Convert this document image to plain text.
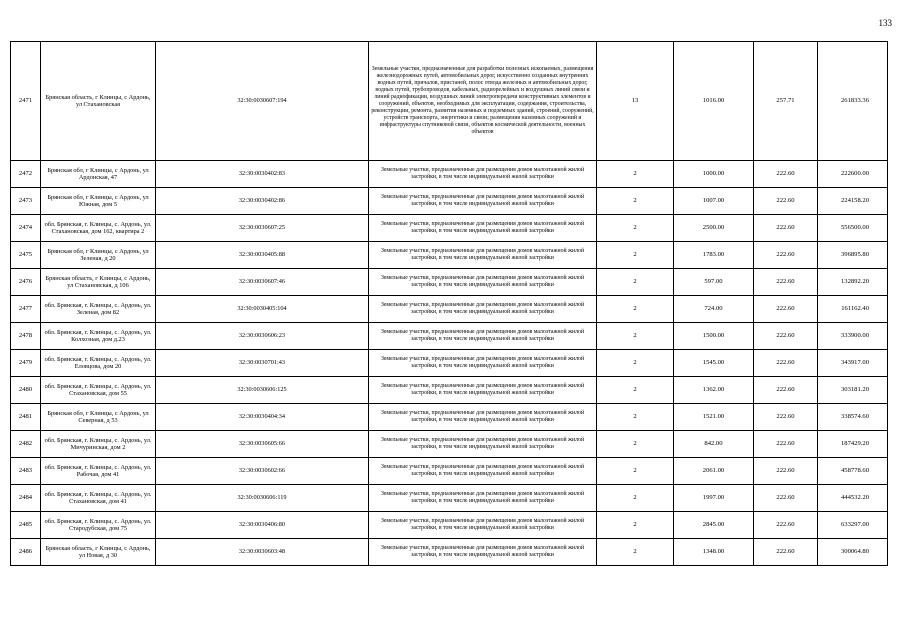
133
2471	Брянская область, г Клинцы, с Ардонь, ул Стахановская	32:30:0030607:194	Земельные участки, предназначенные для разработки полезных ископаемых, размещения железнодорожных путей, автомобильных дорог, искусственно созданных внутренних водных путей, причалов, пристаней, полос отвода железных и автомобильных дорог, водных путей, трубопроводов, кабельных, радиорелейных и воздушных линий связи и линий радиофикации, воздушных линий электропередачи конструктивных элементов и сооружений, объектов, необходимых для эксплуатации, содержания, строительства, реконструкции, ремонта, развития наземных и подземных зданий, строений, сооружений, устройств транспорта, энергетики и связи; размещения наземных сооружений и инфраструктуры спутниковой связи, объектов космической деятельности, военных объектов	13	1016.00	257.71	261833.36
2472	Брянская обл, г Клинцы, с Ардонь, ул Ардонская, 47	32:30:0030402:83	Земельные участки, предназначенные для размещения домов малоэтажной жилой застройки, в том числе индивидуальной жилой застройки	2	1000.00	222.60	222600.00
2473	Брянская обл, г Клинцы, с Ардонь, ул Южная, дом 5	32:30:0030402:86	Земельные участки, предназначенные для размещения домов малоэтажной жилой застройки, в том числе индивидуальной жилой застройки	2	1007.00	222.60	224158.20
2474	обл. Брянская, г. Клинцы, с. Ардонь, ул. Стахановская, дом 162, квартира 2	32:30:0030607:25	Земельные участки, предназначенные для размещения домов малоэтажной жилой застройки, в том числе индивидуальной жилой застройки	2	2500.00	222.60	556500.00
2475	Брянская обл, г Клинцы, с Ардонь, ул Зеленая, д 20	32:30:0030405:88	Земельные участки, предназначенные для размещения домов малоэтажной жилой застройки, в том числе индивидуальной жилой застройки	2	1783.00	222.60	396895.80
2476	Брянская область, г Клинцы, с Ардонь, ул Стахановская, д 106	32:30:0030607:46	Земельные участки, предназначенные для размещения домов малоэтажной жилой застройки, в том числе индивидуальной жилой застройки	2	597.00	222.60	132892.20
2477	обл. Брянская, г. Клинцы, с. Ардонь, ул. Зеленая, дом 82	32:30:0030405:104	Земельные участки, предназначенные для размещения домов малоэтажной жилой застройки, в том числе индивидуальной жилой застройки	2	724.00	222.60	161162.40
2478	обл. Брянская, г. Клинцы, с. Ардонь, ул. Колхозная, дом д.23	32:30:0030606:23	Земельные участки, предназначенные для размещения домов малоэтажной жилой застройки, в том числе индивидуальной жилой застройки	2	1500.00	222.60	333900.00
2479	обл. Брянская, г. Клинцы, с. Ардонь, ул. Еловцова, дом 20	32:30:0030701:43	Земельные участки, предназначенные для размещения домов малоэтажной жилой застройки, в том числе индивидуальной жилой застройки	2	1545.00	222.60	343917.00
2480	обл. Брянская, г. Клинцы, с. Ардонь, ул. Стахановская, дом 55	32:30:0030606:125	Земельные участки, предназначенные для размещения домов малоэтажной жилой застройки, в том числе индивидуальной жилой застройки	2	1362.00	222.60	303181.20
2481	Брянская обл, г Клинцы, с Ардонь, ул Северная, д 53	32:30:0030404:34	Земельные участки, предназначенные для размещения домов малоэтажной жилой застройки, в том числе индивидуальной жилой застройки	2	1521.00	222.60	338574.60
2482	обл. Брянская, г. Клинцы, с. Ардонь, ул. Мичуринская, дом 2	32:30:0030605:66	Земельные участки, предназначенные для размещения домов малоэтажной жилой застройки, в том числе индивидуальной жилой застройки	2	842.00	222.60	187429.20
2483	обл. Брянская, г. Клинцы, с. Ардонь, ул. Рабочая, дом 41	32:30:0030602:66	Земельные участки, предназначенные для размещения домов малоэтажной жилой застройки, в том числе индивидуальной жилой застройки	2	2061.00	222.60	458778.60
2484	обл. Брянская, г. Клинцы, с. Ардонь, ул. Стахановская, дом 41	32:30:0030606:119	Земельные участки, предназначенные для размещения домов малоэтажной жилой застройки, в том числе индивидуальной жилой застройки	2	1997.00	222.60	444532.20
2485	обл. Брянская, г. Клинцы, с. Ардонь, ул. Стародубская, дом 75	32:30:0030406:80	Земельные участки, предназначенные для размещения домов малоэтажной жилой застройки, в том числе индивидуальной жилой застройки	2	2845.00	222.60	633297.00
2486	Брянская область, г Клинцы, с Ардонь, ул Новая, д 30	32:30:0030603:48	Земельные участки, предназначенные для размещения домов малоэтажной жилой застройки, в том числе индивидуальной жилой застройки	2	1348.00	222.60	300064.80
